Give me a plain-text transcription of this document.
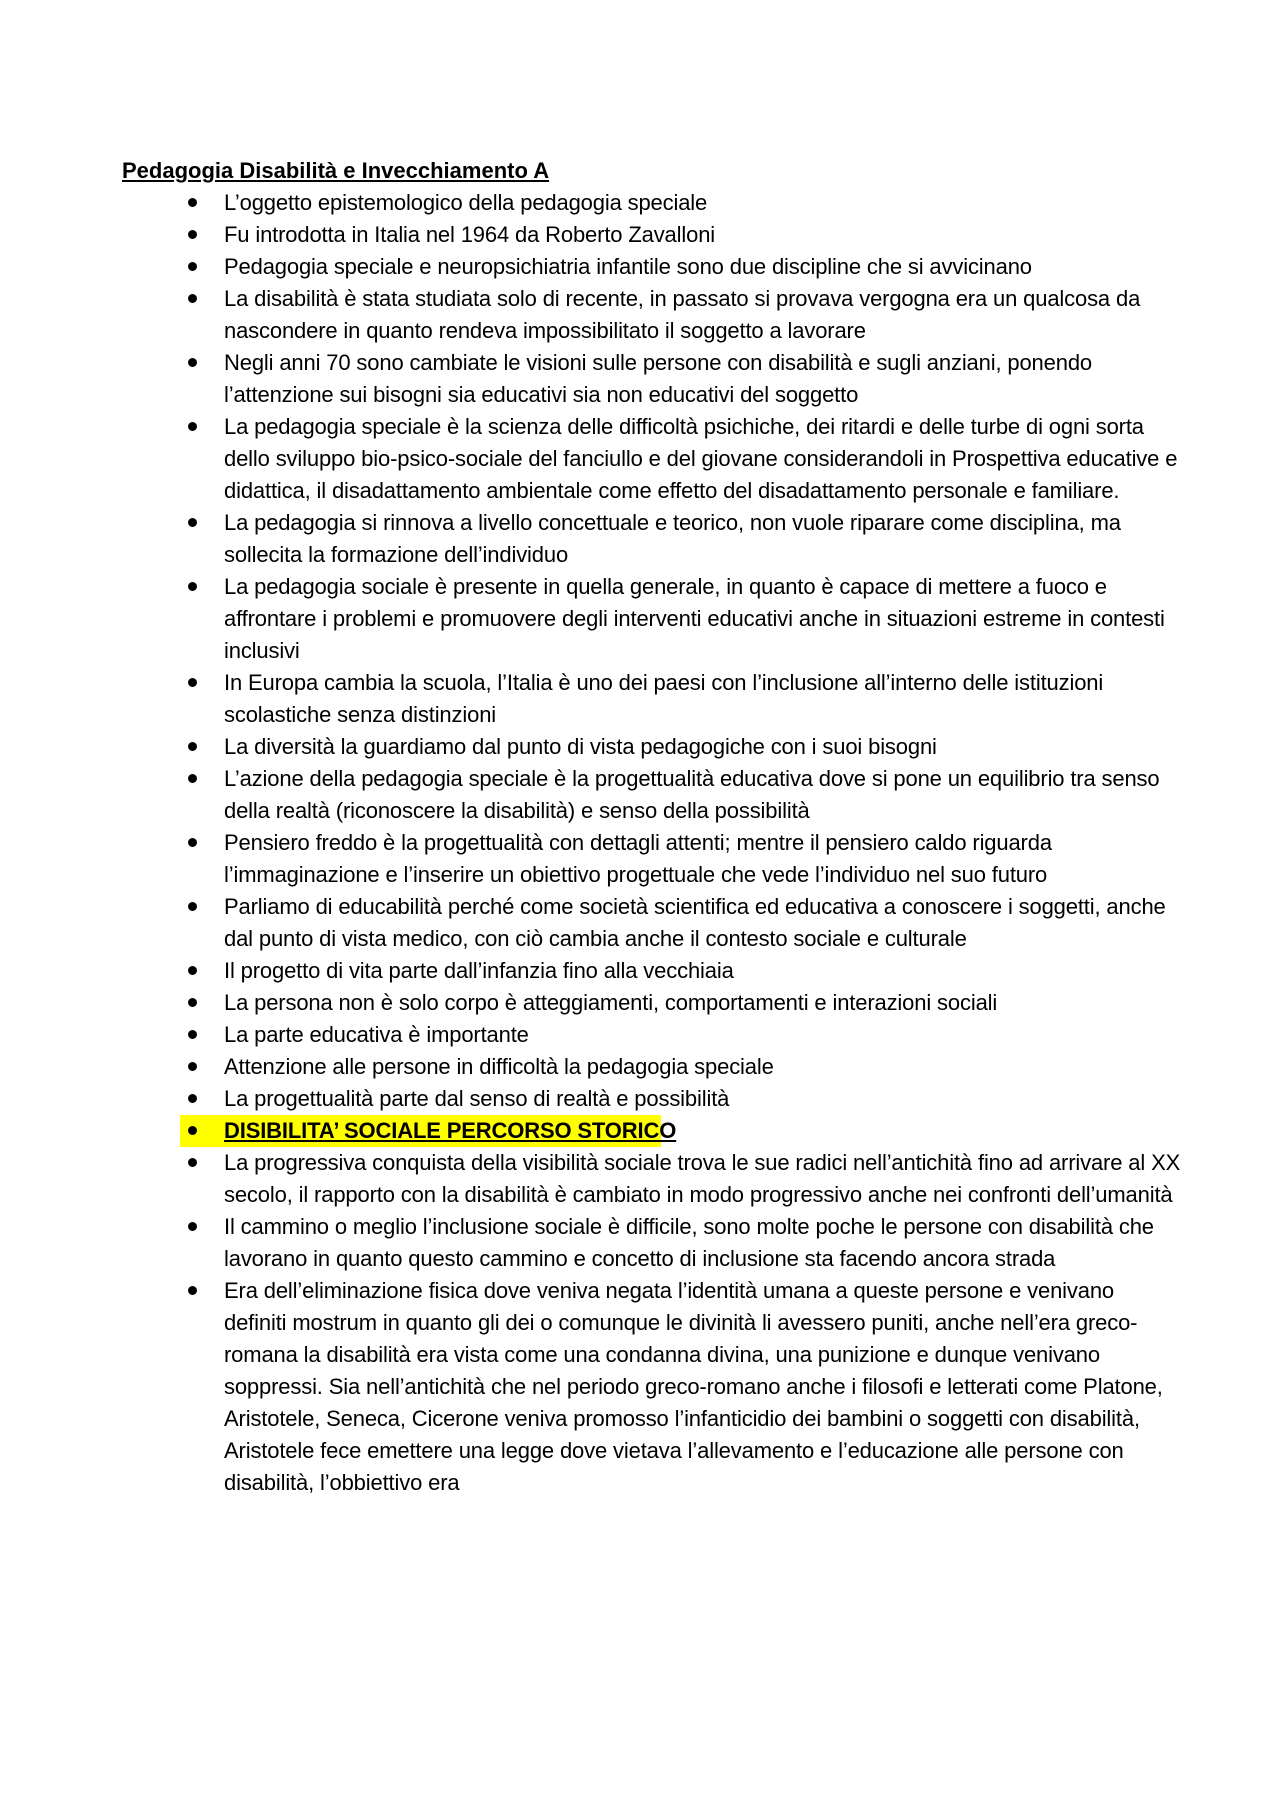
Pedagogia Disabilità e Invecchiamento A
L’oggetto epistemologico della pedagogia speciale
Fu introdotta in Italia nel 1964 da Roberto Zavalloni
Pedagogia speciale e neuropsichiatria infantile sono due discipline che si avvicinano
La disabilità è stata studiata solo di recente, in passato si provava vergogna era un qualcosa da nascondere in quanto rendeva impossibilitato il soggetto a lavorare
Negli anni 70 sono cambiate le visioni sulle persone con disabilità e sugli anziani, ponendo l’attenzione sui bisogni sia educativi sia non educativi del soggetto
La pedagogia speciale è la scienza delle difficoltà psichiche, dei ritardi e delle turbe di ogni sorta dello sviluppo bio-psico-sociale del fanciullo e del giovane considerandoli in Prospettiva educative e didattica, il disadattamento ambientale come effetto del disadattamento personale e familiare.
La pedagogia si rinnova a livello concettuale e teorico, non vuole riparare come disciplina, ma sollecita la formazione dell’individuo
La pedagogia sociale è presente in quella generale, in quanto è capace di mettere a fuoco e affrontare i problemi e promuovere degli interventi educativi anche in situazioni estreme in contesti inclusivi
In Europa cambia la scuola, l’Italia è uno dei paesi con l’inclusione all’interno delle istituzioni scolastiche senza distinzioni
La diversità la guardiamo dal punto di vista pedagogiche con i suoi bisogni
L’azione della pedagogia speciale è la progettualità educativa dove si pone un equilibrio tra senso della realtà (riconoscere la disabilità) e senso della possibilità
Pensiero freddo è la progettualità con dettagli attenti; mentre il pensiero caldo riguarda l’immaginazione e l’inserire un obiettivo progettuale che vede l’individuo nel suo futuro
Parliamo di educabilità perché come società scientifica ed educativa a conoscere i soggetti, anche dal punto di vista medico, con ciò cambia anche il contesto sociale e culturale
Il progetto di vita parte dall’infanzia fino alla vecchiaia
La persona non è solo corpo è atteggiamenti, comportamenti e interazioni sociali
La parte educativa è importante
Attenzione alle persone in difficoltà la pedagogia speciale
La progettualità parte dal senso di realtà e possibilità
DISIBILITA’ SOCIALE PERCORSO STORICO
La progressiva conquista della visibilità sociale trova le sue radici nell’antichità fino ad arrivare al XX secolo, il rapporto con la disabilità è cambiato in modo progressivo anche nei confronti dell’umanità
Il cammino o meglio l’inclusione sociale è difficile, sono molte poche le persone con disabilità che lavorano in quanto questo cammino e concetto di inclusione sta facendo ancora strada
Era dell’eliminazione fisica dove veniva negata l’identità umana a queste persone e venivano definiti mostrum in quanto gli dei o comunque le divinità li avessero puniti, anche nell’era greco-romana la disabilità era vista come una condanna divina, una punizione e dunque venivano soppressi. Sia nell’antichità che nel periodo greco-romano anche i filosofi e letterati come Platone, Aristotele, Seneca, Cicerone veniva promosso l’infanticidio dei bambini o soggetti con disabilità, Aristotele fece emettere una legge dove vietava l’allevamento e l’educazione alle persone con disabilità, l’obbiettivo era
